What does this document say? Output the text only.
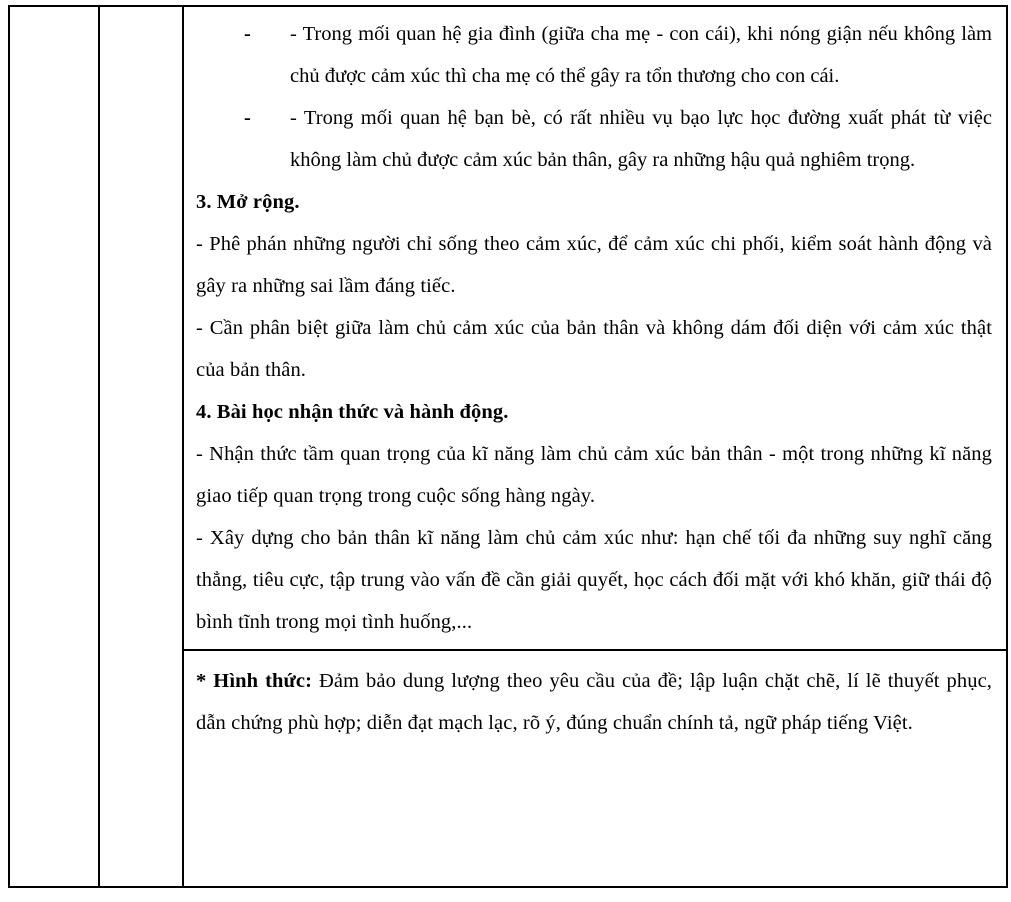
- - Trong mối quan hệ gia đình (giữa cha mẹ - con cái), khi nóng giận nếu không làm chủ được cảm xúc thì cha mẹ có thể gây ra tổn thương cho con cái.
- - Trong mối quan hệ bạn bè, có rất nhiều vụ bạo lực học đường xuất phát từ việc không làm chủ được cảm xúc bản thân, gây ra những hậu quả nghiêm trọng.

3. Mở rộng.

- Phê phán những người chỉ sống theo cảm xúc, để cảm xúc chi phối, kiểm soát hành động và gây ra những sai lầm đáng tiếc.

- Cần phân biệt giữa làm chủ cảm xúc của bản thân và không dám đối diện với cảm xúc thật của bản thân.

4. Bài học nhận thức và hành động.

- Nhận thức tầm quan trọng của kĩ năng làm chủ cảm xúc bản thân - một trong những kĩ năng giao tiếp quan trọng trong cuộc sống hàng ngày.

- Xây dựng cho bản thân kĩ năng làm chủ cảm xúc như: hạn chế tối đa những suy nghĩ căng thẳng, tiêu cực, tập trung vào vấn đề cần giải quyết, học cách đối mặt với khó khăn, giữ thái độ bình tĩnh trong mọi tình huống,...

* Hình thức: Đảm bảo dung lượng theo yêu cầu của đề; lập luận chặt chẽ, lí lẽ thuyết phục, dẫn chứng phù hợp; diễn đạt mạch lạc, rõ ý, đúng chuẩn chính tả, ngữ pháp tiếng Việt.
